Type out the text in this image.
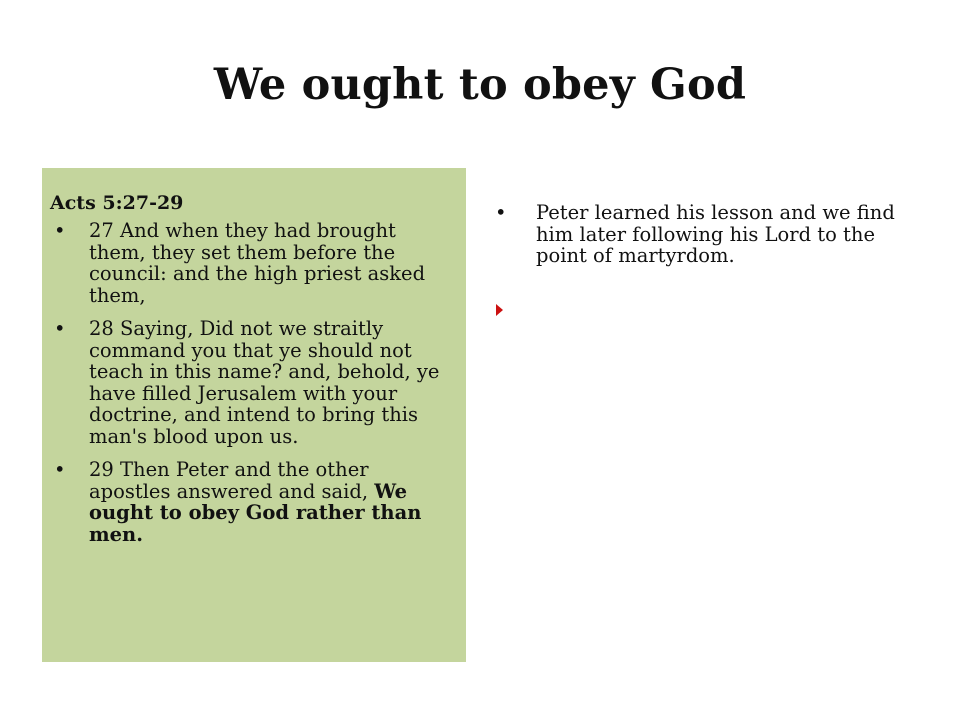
We ought to obey God
Acts 5:27-29
• 27 And when they had brought them, they set them before the council: and the high priest asked them,
• 28 Saying, Did not we straitly command you that ye should not teach in this name? and, behold, ye have filled Jerusalem with your doctrine, and intend to bring this man's blood upon us.
• 29 Then Peter and the other apostles answered and said, We ought to obey God rather than men.
• Peter learned his lesson and we find him later following his Lord to the point of martyrdom.
